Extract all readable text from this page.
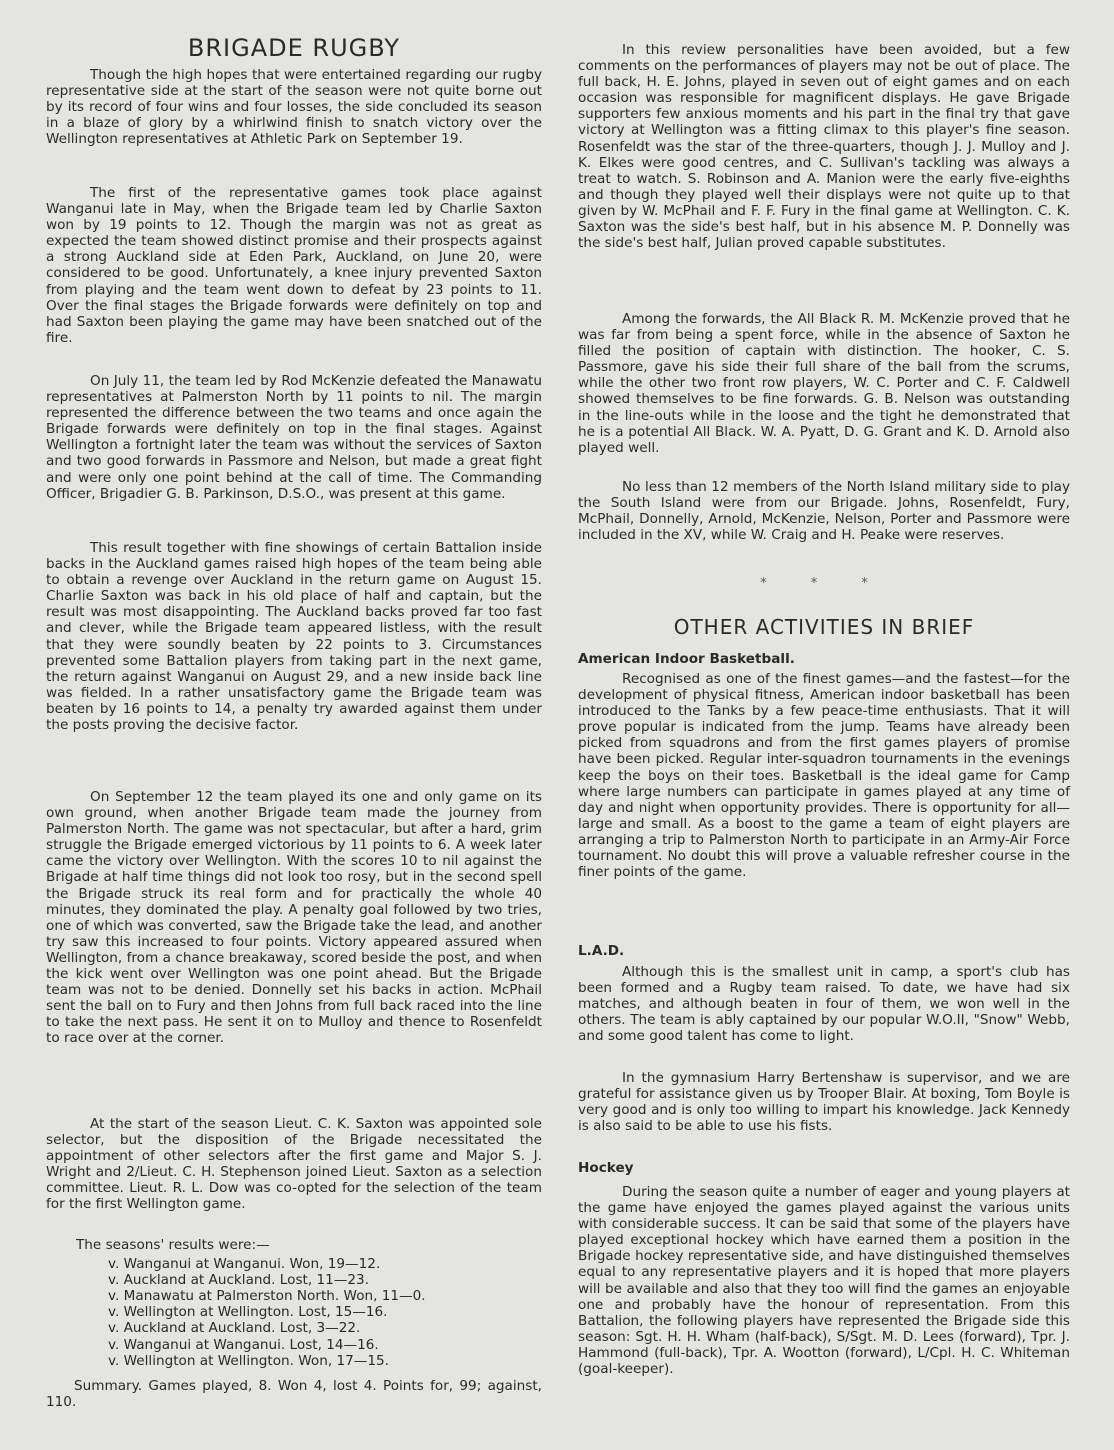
BRIGADE RUGBY

Though the high hopes that were entertained regarding our rugby representative side at the start of the season were not quite borne out by its record of four wins and four losses, the side concluded its season in a blaze of glory by a whirlwind finish to snatch victory over the Wellington representatives at Athletic Park on September 19.

The first of the representative games took place against Wanganui late in May, when the Brigade team led by Charlie Saxton won by 19 points to 12. Though the margin was not as great as expected the team showed distinct promise and their prospects against a strong Auckland side at Eden Park, Auckland, on June 20, were considered to be good. Unfortunately, a knee injury prevented Saxton from playing and the team went down to defeat by 23 points to 11. Over the final stages the Brigade forwards were definitely on top and had Saxton been playing the game may have been snatched out of the fire.

On July 11, the team led by Rod McKenzie defeated the Manawatu representatives at Palmerston North by 11 points to nil. The margin represented the difference between the two teams and once again the Brigade forwards were definitely on top in the final stages. Against Wellington a fortnight later the team was without the services of Saxton and two good forwards in Passmore and Nelson, but made a great fight and were only one point behind at the call of time. The Commanding Officer, Brigadier G. B. Parkinson, D.S.O., was present at this game.

This result together with fine showings of certain Battalion inside backs in the Auckland games raised high hopes of the team being able to obtain a revenge over Auckland in the return game on August 15. Charlie Saxton was back in his old place of half and captain, but the result was most disappointing. The Auckland backs proved far too fast and clever, while the Brigade team appeared listless, with the result that they were soundly beaten by 22 points to 3. Circumstances prevented some Battalion players from taking part in the next game, the return against Wanganui on August 29, and a new inside back line was fielded. In a rather unsatisfactory game the Brigade team was beaten by 16 points to 14, a penalty try awarded against them under the posts proving the decisive factor.

On September 12 the team played its one and only game on its own ground, when another Brigade team made the journey from Palmerston North. The game was not spectacular, but after a hard, grim struggle the Brigade emerged victorious by 11 points to 6. A week later came the victory over Wellington. With the scores 10 to nil against the Brigade at half time things did not look too rosy, but in the second spell the Brigade struck its real form and for practically the whole 40 minutes, they dominated the play. A penalty goal followed by two tries, one of which was converted, saw the Brigade take the lead, and another try saw this increased to four points. Victory appeared assured when Wellington, from a chance breakaway, scored beside the post, and when the kick went over Wellington was one point ahead. But the Brigade team was not to be denied. Donnelly set his backs in action. McPhail sent the ball on to Fury and then Johns from full back raced into the line to take the next pass. He sent it on to Mulloy and thence to Rosenfeldt to race over at the corner.

At the start of the season Lieut. C. K. Saxton was appointed sole selector, but the disposition of the Brigade necessitated the appointment of other selectors after the first game and Major S. J. Wright and 2/Lieut. C. H. Stephenson joined Lieut. Saxton as a selection committee. Lieut. R. L. Dow was co-opted for the selection of the team for the first Wellington game.

The seasons' results were:—
v. Wanganui at Wanganui. Won, 19—12.
v. Auckland at Auckland. Lost, 11—23.
v. Manawatu at Palmerston North. Won, 11—0.
v. Wellington at Wellington. Lost, 15—16.
v. Auckland at Auckland. Lost, 3—22.
v. Wanganui at Wanganui. Lost, 14—16.
v. Wellington at Wellington. Won, 17—15.

Summary. Games played, 8. Won 4, lost 4. Points for, 99; against, 110.

In this review personalities have been avoided, but a few comments on the performances of players may not be out of place. The full back, H. E. Johns, played in seven out of eight games and on each occasion was responsible for magnificent displays. He gave Brigade supporters few anxious moments and his part in the final try that gave victory at Wellington was a fitting climax to this player's fine season. Rosenfeldt was the star of the three-quarters, though J. J. Mulloy and J. K. Elkes were good centres, and C. Sullivan's tackling was always a treat to watch. S. Robinson and A. Manion were the early five-eighths and though they played well their displays were not quite up to that given by W. McPhail and F. F. Fury in the final game at Wellington. C. K. Saxton was the side's best half, but in his absence M. P. Donnelly was the side's best half, Julian proved capable substitutes.

Among the forwards, the All Black R. M. McKenzie proved that he was far from being a spent force, while in the absence of Saxton he filled the position of captain with distinction. The hooker, C. S. Passmore, gave his side their full share of the ball from the scrums, while the other two front row players, W. C. Porter and C. F. Caldwell showed themselves to be fine forwards. G. B. Nelson was outstanding in the line-outs while in the loose and the tight he demonstrated that he is a potential All Black. W. A. Pyatt, D. G. Grant and K. D. Arnold also played well.

No less than 12 members of the North Island military side to play the South Island were from our Brigade. Johns, Rosenfeldt, Fury, McPhail, Donnelly, Arnold, McKenzie, Nelson, Porter and Passmore were included in the XV, while W. Craig and H. Peake were reserves.

* * *
OTHER ACTIVITIES IN BRIEF
American Indoor Basketball.

Recognised as one of the finest games—and the fastest—for the development of physical fitness, American indoor basketball has been introduced to the Tanks by a few peace-time enthusiasts. That it will prove popular is indicated from the jump. Teams have already been picked from squadrons and from the first games players of promise have been picked. Regular inter-squadron tournaments in the evenings keep the boys on their toes. Basketball is the ideal game for Camp where large numbers can participate in games played at any time of day and night when opportunity provides. There is opportunity for all—large and small. As a boost to the game a team of eight players are arranging a trip to Palmerston North to participate in an Army-Air Force tournament. No doubt this will prove a valuable refresher course in the finer points of the game.

L.A.D.

Although this is the smallest unit in camp, a sport's club has been formed and a Rugby team raised. To date, we have had six matches, and although beaten in four of them, we won well in the others. The team is ably captained by our popular W.O.II, "Snow" Webb, and some good talent has come to light.

In the gymnasium Harry Bertenshaw is supervisor, and we are grateful for assistance given us by Trooper Blair. At boxing, Tom Boyle is very good and is only too willing to impart his knowledge. Jack Kennedy is also said to be able to use his fists.

Hockey

During the season quite a number of eager and young players at the game have enjoyed the games played against the various units with considerable success. It can be said that some of the players have played exceptional hockey which have earned them a position in the Brigade hockey representative side, and have distinguished themselves equal to any representative players and it is hoped that more players will be available and also that they too will find the games an enjoyable one and probably have the honour of representation. From this Battalion, the following players have represented the Brigade side this season: Sgt. H. H. Wham (half-back), S/Sgt. M. D. Lees (forward), Tpr. J. Hammond (full-back), Tpr. A. Wootton (forward), L/Cpl. H. C. Whiteman (goal-keeper).
